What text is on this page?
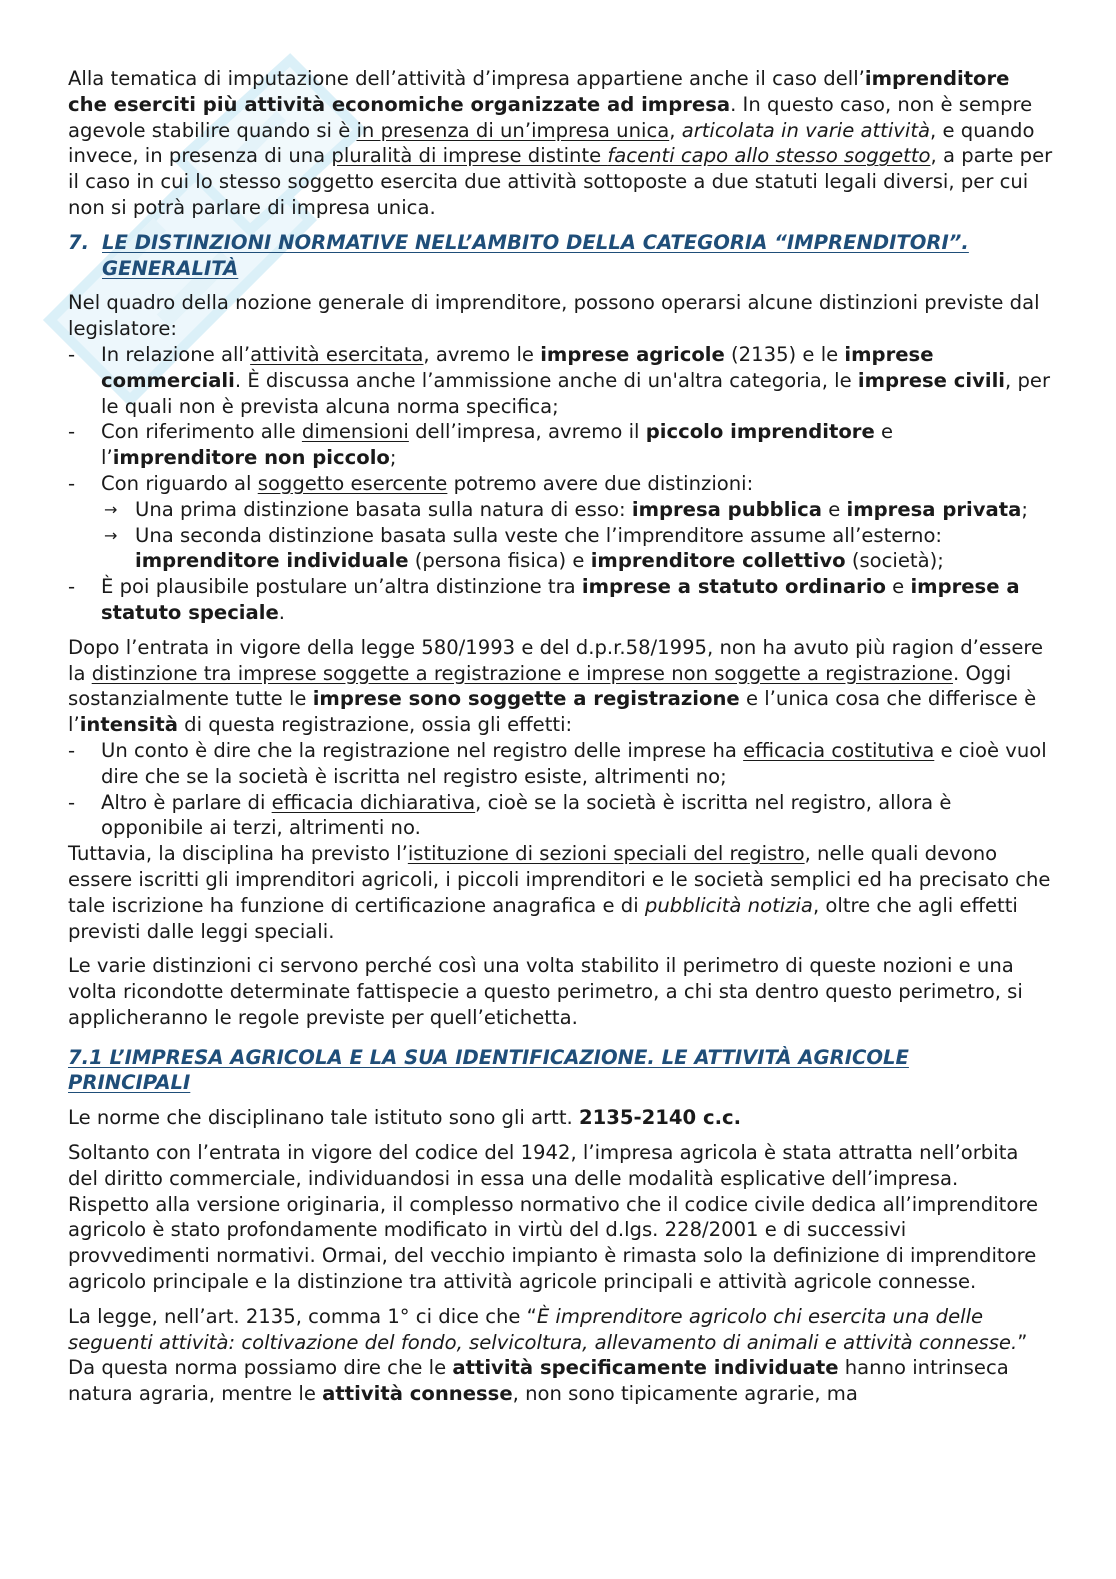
Alla tematica di imputazione dell’attività d’impresa appartiene anche il caso dell’imprenditore che eserciti più attività economiche organizzate ad impresa. In questo caso, non è sempre agevole stabilire quando si è in presenza di un’impresa unica, articolata in varie attività, e quando invece, in presenza di una pluralità di imprese distinte facenti capo allo stesso soggetto, a parte per il caso in cui lo stesso soggetto esercita due attività sottoposte a due statuti legali diversi, per cui non si potrà parlare di impresa unica.

7. LE DISTINZIONI NORMATIVE NELL’AMBITO DELLA CATEGORIA “IMPRENDITORI”.
GENERALITÀ

Nel quadro della nozione generale di imprenditore, possono operarsi alcune distinzioni previste dal legislatore:

- In relazione all’attività esercitata, avremo le imprese agricole (2135) e le imprese commerciali. È discussa anche l’ammissione anche di un'altra categoria, le imprese civili, per le quali non è prevista alcuna norma specifica;
- Con riferimento alle dimensioni dell’impresa, avremo il piccolo imprenditore e l’imprenditore non piccolo;
- Con riguardo al soggetto esercente potremo avere due distinzioni:
→ Una prima distinzione basata sulla natura di esso: impresa pubblica e impresa privata;
→ Una seconda distinzione basata sulla veste che l’imprenditore assume all’esterno: imprenditore individuale (persona fisica) e imprenditore collettivo (società);
- È poi plausibile postulare un’altra distinzione tra imprese a statuto ordinario e imprese a statuto speciale.

Dopo l’entrata in vigore della legge 580/1993 e del d.p.r.58/1995, non ha avuto più ragion d’essere la distinzione tra imprese soggette a registrazione e imprese non soggette a registrazione. Oggi sostanzialmente tutte le imprese sono soggette a registrazione e l’unica cosa che differisce è l’intensità di questa registrazione, ossia gli effetti:

- Un conto è dire che la registrazione nel registro delle imprese ha efficacia costitutiva e cioè vuol dire che se la società è iscritta nel registro esiste, altrimenti no;
- Altro è parlare di efficacia dichiarativa, cioè se la società è iscritta nel registro, allora è opponibile ai terzi, altrimenti no.

Tuttavia, la disciplina ha previsto l’istituzione di sezioni speciali del registro, nelle quali devono essere iscritti gli imprenditori agricoli, i piccoli imprenditori e le società semplici ed ha precisato che tale iscrizione ha funzione di certificazione anagrafica e di pubblicità notizia, oltre che agli effetti previsti dalle leggi speciali.

Le varie distinzioni ci servono perché così una volta stabilito il perimetro di queste nozioni e una volta ricondotte determinate fattispecie a questo perimetro, a chi sta dentro questo perimetro, si applicheranno le regole previste per quell’etichetta.

7.1 L’IMPRESA AGRICOLA E LA SUA IDENTIFICAZIONE. LE ATTIVITÀ AGRICOLE
PRINCIPALI

Le norme che disciplinano tale istituto sono gli artt. 2135-2140 c.c.

Soltanto con l’entrata in vigore del codice del 1942, l’impresa agricola è stata attratta nell’orbita del diritto commerciale, individuandosi in essa una delle modalità esplicative dell’impresa.

Rispetto alla versione originaria, il complesso normativo che il codice civile dedica all’imprenditore agricolo è stato profondamente modificato in virtù del d.lgs. 228/2001 e di successivi provvedimenti normativi. Ormai, del vecchio impianto è rimasta solo la definizione di imprenditore agricolo principale e la distinzione tra attività agricole principali e attività agricole connesse.

La legge, nell’art. 2135, comma 1° ci dice che “È imprenditore agricolo chi esercita una delle seguenti attività: coltivazione del fondo, selvicoltura, allevamento di animali e attività connesse.”

Da questa norma possiamo dire che le attività specificamente individuate hanno intrinseca natura agraria, mentre le attività connesse, non sono tipicamente agrarie, ma
